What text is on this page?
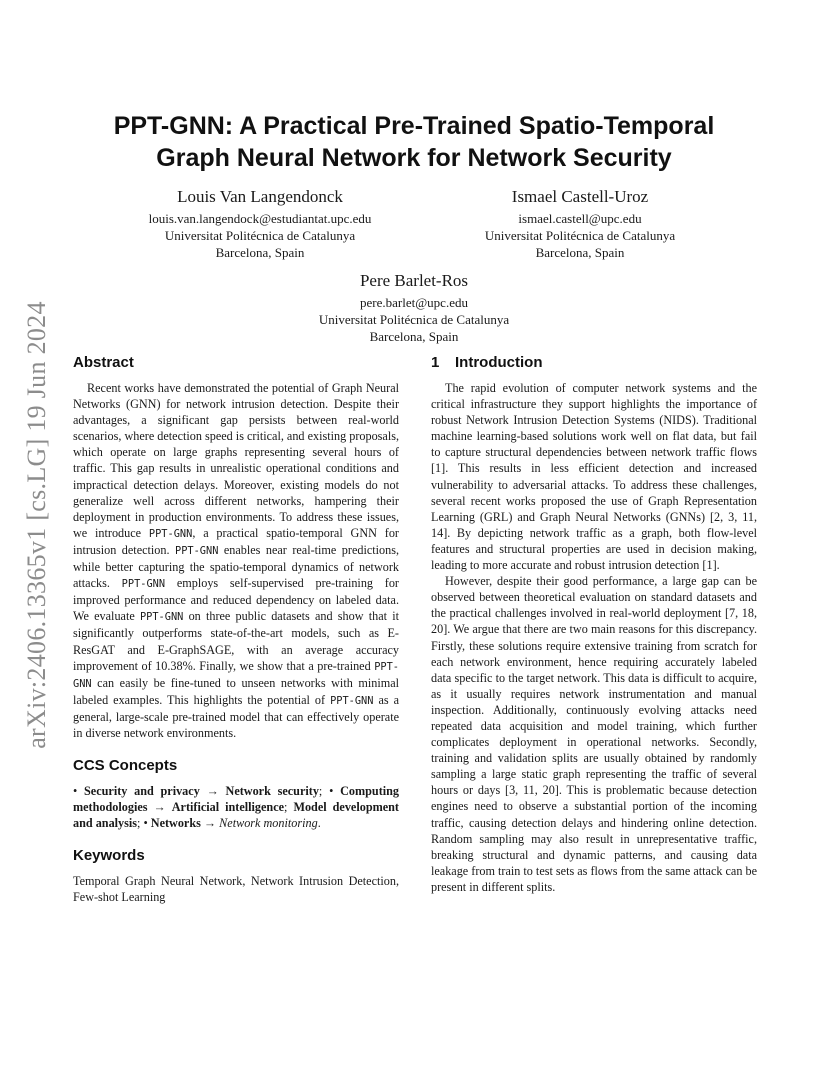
arXiv:2406.13365v1 [cs.LG] 19 Jun 2024
PPT-GNN: A Practical Pre-Trained Spatio-Temporal
Graph Neural Network for Network Security
Louis Van Langendonck
louis.van.langendock@estudiantat.upc.edu
Universitat Politécnica de Catalunya
Barcelona, Spain
Ismael Castell-Uroz
ismael.castell@upc.edu
Universitat Politécnica de Catalunya
Barcelona, Spain
Pere Barlet-Ros
pere.barlet@upc.edu
Universitat Politécnica de Catalunya
Barcelona, Spain
Abstract

Recent works have demonstrated the potential of Graph Neural Networks (GNN) for network intrusion detection. Despite their advantages, a significant gap persists between real-world scenarios, where detection speed is critical, and existing proposals, which operate on large graphs representing several hours of traffic. This gap results in unrealistic operational conditions and impractical detection delays. Moreover, existing models do not generalize well across different networks, hampering their deployment in production environments. To address these issues, we introduce PPT-GNN, a practical spatio-temporal GNN for intrusion detection. PPT-GNN enables near real-time predictions, while better capturing the spatio-temporal dynamics of network attacks. PPT-GNN employs self-supervised pre-training for improved performance and reduced dependency on labeled data. We evaluate PPT-GNN on three public datasets and show that it significantly outperforms state-of-the-art models, such as E-ResGAT and E-GraphSAGE, with an average accuracy improvement of 10.38%. Finally, we show that a pre-trained PPT-GNN can easily be fine-tuned to unseen networks with minimal labeled examples. This highlights the potential of PPT-GNN as a general, large-scale pre-trained model that can effectively operate in diverse network environments.

CCS Concepts

• Security and privacy → Network security; • Computing methodologies → Artificial intelligence; Model development and analysis; • Networks → Network monitoring.

Keywords

Temporal Graph Neural Network, Network Intrusion Detection, Few-shot Learning

1 Introduction

The rapid evolution of computer network systems and the critical infrastructure they support highlights the importance of robust Network Intrusion Detection Systems (NIDS). Traditional machine learning-based solutions work well on flat data, but fail to capture structural dependencies between network traffic flows [1]. This results in less efficient detection and increased vulnerability to adversarial attacks. To address these challenges, several recent works proposed the use of Graph Representation Learning (GRL) and Graph Neural Networks (GNNs) [2, 3, 11, 14]. By depicting network traffic as a graph, both flow-level features and structural properties are used in decision making, leading to more accurate and robust intrusion detection [1].

However, despite their good performance, a large gap can be observed between theoretical evaluation on standard datasets and the practical challenges involved in real-world deployment [7, 18, 20]. We argue that there are two main reasons for this discrepancy. Firstly, these solutions require extensive training from scratch for each network environment, hence requiring accurately labeled data specific to the target network. This data is difficult to acquire, as it usually requires network instrumentation and manual inspection. Additionally, continuously evolving attacks need repeated data acquisition and model training, which further complicates deployment in operational networks. Secondly, training and validation splits are usually obtained by randomly sampling a large static graph representing the traffic of several hours or days [3, 11, 20]. This is problematic because detection engines need to observe a substantial portion of the incoming traffic, causing detection delays and hindering online detection. Random sampling may also result in unrepresentative traffic, breaking structural and dynamic patterns, and causing data leakage from train to test sets as flows from the same attack can be present in different splits.
